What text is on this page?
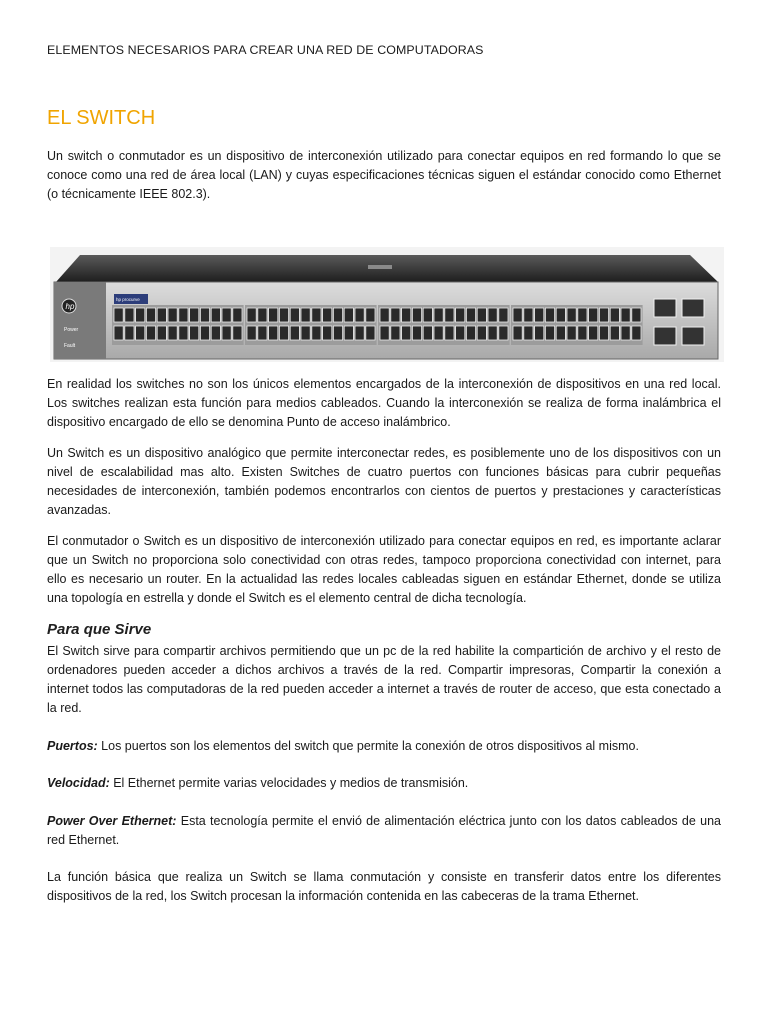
ELEMENTOS NECESARIOS PARA CREAR UNA RED DE COMPUTADORAS
EL SWITCH

Un switch o conmutador es un dispositivo de interconexión utilizado para conectar equipos en red formando lo que se conoce como una red de área local (LAN) y cuyas especificaciones técnicas siguen el estándar conocido como Ethernet (o técnicamente IEEE 802.3).

hp
Power
Fault
hp procurve

En realidad los switches no son los únicos elementos encargados de la interconexión de dispositivos en una red local. Los switches realizan esta función para medios cableados. Cuando la interconexión se realiza de forma inalámbrica el dispositivo encargado de ello se denomina Punto de acceso inalámbrico.

Un Switch es un dispositivo analógico que permite interconectar redes, es posiblemente uno de los dispositivos con un nivel de escalabilidad mas alto. Existen Switches de cuatro puertos con funciones básicas para cubrir pequeñas necesidades de interconexión, también podemos encontrarlos con cientos de puertos y prestaciones y características avanzadas.

El conmutador o Switch es un dispositivo de interconexión utilizado para conectar equipos en red, es importante aclarar que un Switch no proporciona solo conectividad con otras redes, tampoco proporciona conectividad con internet, para ello es necesario un router. En la actualidad las redes locales cableadas siguen en estándar Ethernet, donde se utiliza una topología en estrella y donde el Switch es el elemento central de dicha tecnología.

Para que Sirve

El Switch sirve para compartir archivos permitiendo que un pc de la red habilite la compartición de archivo y el resto de ordenadores pueden acceder a dichos archivos a través de la red. Compartir impresoras, Compartir la conexión a internet todos las computadoras de la red pueden acceder a internet a través de router de acceso, que esta conectado a la red.

Puertos: Los puertos son los elementos del switch que permite la conexión de otros dispositivos al mismo.

Velocidad: El Ethernet permite varias velocidades y medios de transmisión.

Power Over Ethernet: Esta tecnología permite el envió de alimentación eléctrica junto con los datos cableados de una red Ethernet.

La función básica que realiza un Switch se llama conmutación y consiste en transferir datos entre los diferentes dispositivos de la red, los Switch procesan la información contenida en las cabeceras de la trama Ethernet.
